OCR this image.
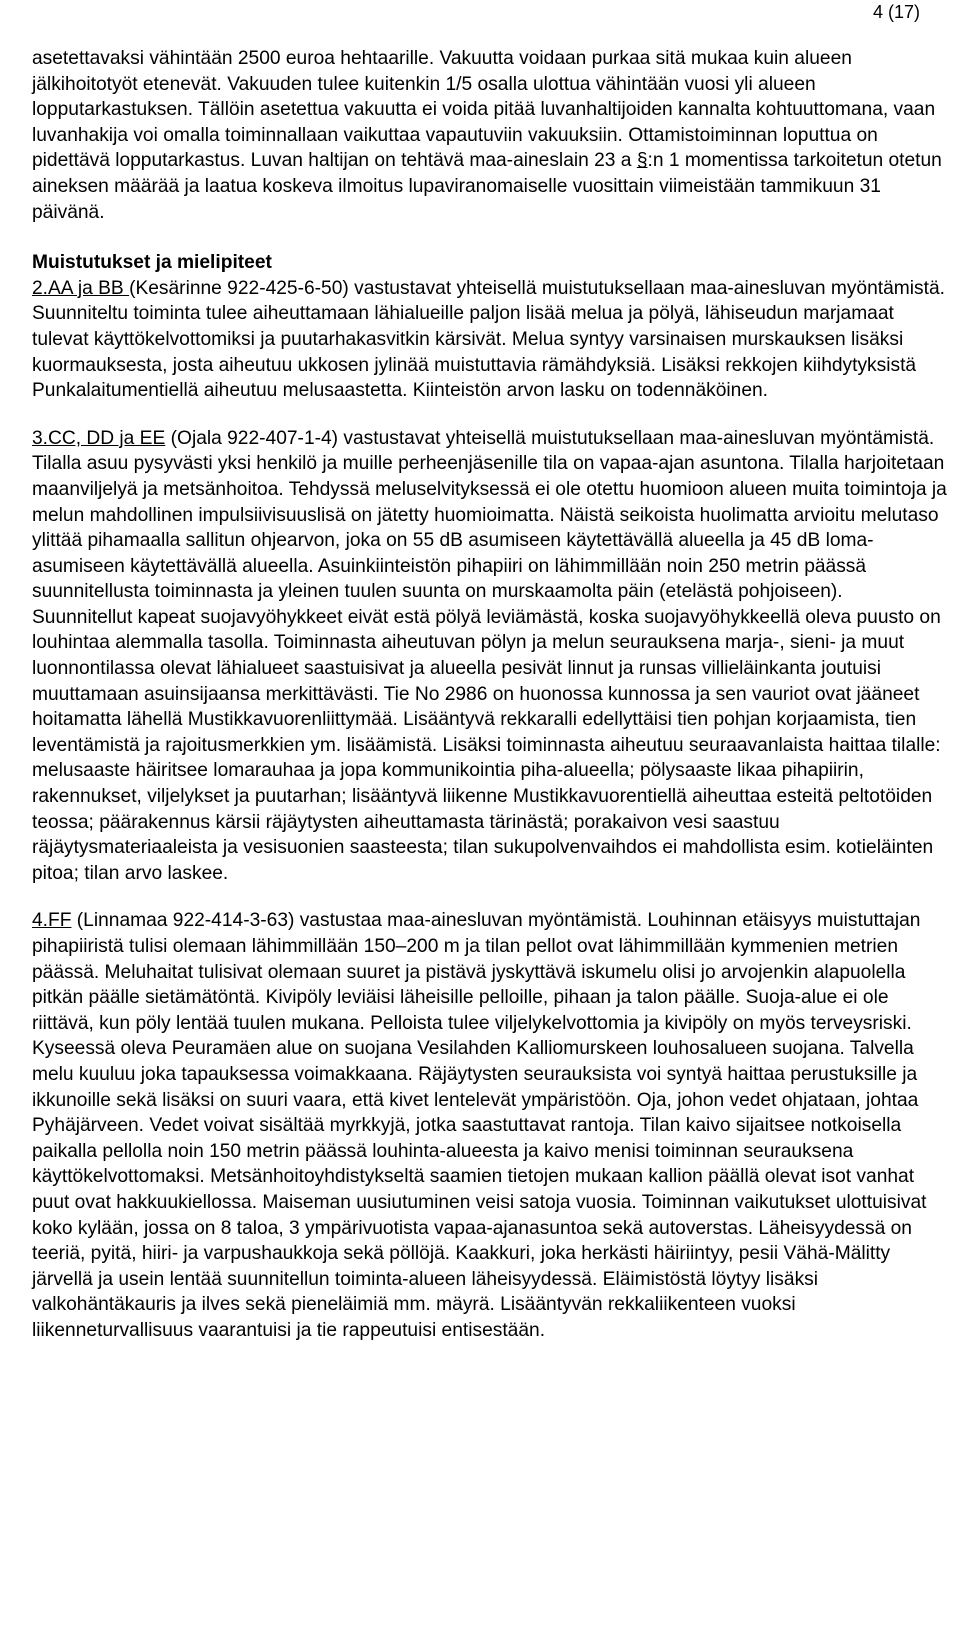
4 (17)

asetettavaksi vähintään 2500 euroa hehtaarille. Vakuutta voidaan purkaa sitä mukaa kuin alueen jälkihoitotyöt etenevät. Vakuuden tulee kuitenkin 1/5 osalla ulottua vähintään vuosi yli alueen lopputarkastuksen. Tällöin asetettua vakuutta ei voida pitää luvanhaltijoiden kannalta kohtuuttomana, vaan luvanhakija voi omalla toiminnallaan vaikuttaa vapautuviin vakuuksiin. Ottamistoiminnan loputtua on pidettävä lopputarkastus. Luvan haltijan on tehtävä maa-aineslain 23 a §:n 1 momentissa tarkoitetun otetun aineksen määrää ja laatua koskeva ilmoitus lupaviranomaiselle vuosittain viimeistään tammikuun 31 päivänä.

Muistutukset ja mielipiteet

2.AA ja BB (Kesärinne 922-425-6-50) vastustavat yhteisellä muistutuksellaan maa-ainesluvan myöntämistä. Suunniteltu toiminta tulee aiheuttamaan lähialueille paljon lisää melua ja pölyä, lähiseudun marjamaat tulevat käyttökelvottomiksi ja puutarhakasvitkin kärsivät. Melua syntyy varsinaisen murskauksen lisäksi kuormauksesta, josta aiheutuu ukkosen jylinää muistuttavia rämähdyksiä. Lisäksi rekkojen kiihdytyksistä Punkalaitumentiellä aiheutuu melusaastetta. Kiinteistön arvon lasku on todennäköinen.

3.CC, DD ja EE (Ojala 922-407-1-4) vastustavat yhteisellä muistutuksellaan maa-ainesluvan myöntämistä. Tilalla asuu pysyvästi yksi henkilö ja muille perheenjäsenille tila on vapaa-ajan asuntona. Tilalla harjoitetaan maanviljelyä ja metsänhoitoa. Tehdyssä meluselvityksessä ei ole otettu huomioon alueen muita toimintoja ja melun mahdollinen impulsiivisuuslisä on jätetty huomioimatta. Näistä seikoista huolimatta arvioitu melutaso ylittää pihamaalla sallitun ohjearvon, joka on 55 dB asumiseen käytettävällä alueella ja 45 dB loma-asumiseen käytettävällä alueella. Asuinkiinteistön pihapiiri on lähimmillään noin 250 metrin päässä suunnitellusta toiminnasta ja yleinen tuulen suunta on murskaamolta päin (etelästä pohjoiseen). Suunnitellut kapeat suojavyöhykkeet eivät estä pölyä leviämästä, koska suojavyöhykkeellä oleva puusto on louhintaa alemmalla tasolla. Toiminnasta aiheutuvan pölyn ja melun seurauksena marja-, sieni- ja muut luonnontilassa olevat lähialueet saastuisivat ja alueella pesivät linnut ja runsas villieläinkanta joutuisi muuttamaan asuinsijaansa merkittävästi. Tie No 2986 on huonossa kunnossa ja sen vauriot ovat jääneet hoitamatta lähellä Mustikkavuorenliittymää. Lisääntyvä rekkaralli edellyttäisi tien pohjan korjaamista, tien leventämistä ja rajoitusmerkkien ym. lisäämistä. Lisäksi toiminnasta aiheutuu seuraavanlaista haittaa tilalle: melusaaste häiritsee lomarauhaa ja jopa kommunikointia piha-alueella; pölysaaste likaa pihapiirin, rakennukset, viljelykset ja puutarhan; lisääntyvä liikenne Mustikkavuorentiellä aiheuttaa esteitä peltotöiden teossa; päärakennus kärsii räjäytysten aiheuttamasta tärinästä; porakaivon vesi saastuu räjäytysmateriaaleista ja vesisuonien saasteesta; tilan sukupolvenvaihdos ei mahdollista esim. kotieläinten pitoa; tilan arvo laskee.

4.FF (Linnamaa 922-414-3-63) vastustaa maa-ainesluvan myöntämistä. Louhinnan etäisyys muistuttajan pihapiiristä tulisi olemaan lähimmillään 150–200 m ja tilan pellot ovat lähimmillään kymmenien metrien päässä. Meluhaitat tulisivat olemaan suuret ja pistävä jyskyttävä iskumelu olisi jo arvojenkin alapuolella pitkän päälle sietämätöntä. Kivipöly leviäisi läheisille pelloille, pihaan ja talon päälle. Suoja-alue ei ole riittävä, kun pöly lentää tuulen mukana. Pelloista tulee viljelykelvottomia ja kivipöly on myös terveysriski. Kyseessä oleva Peuramäen alue on suojana Vesilahden Kalliomurskeen louhosalueen suojana. Talvella melu kuuluu joka tapauksessa voimakkaana. Räjäytysten seurauksista voi syntyä haittaa perustuksille ja ikkunoille sekä lisäksi on suuri vaara, että kivet lentelevät ympäristöön. Oja, johon vedet ohjataan, johtaa Pyhäjärveen. Vedet voivat sisältää myrkkyjä, jotka saastuttavat rantoja. Tilan kaivo sijaitsee notkoisella paikalla pellolla noin 150 metrin päässä louhinta-alueesta ja kaivo menisi toiminnan seurauksena käyttökelvottomaksi. Metsänhoitoyhdistykseltä saamien tietojen mukaan kallion päällä olevat isot vanhat puut ovat hakkuukiellossa. Maiseman uusiutuminen veisi satoja vuosia. Toiminnan vaikutukset ulottuisivat koko kylään, jossa on 8 taloa, 3 ympärivuotista vapaa-ajanasuntoa sekä autoverstas. Läheisyydessä on teeriä, pyitä, hiiri- ja varpushaukkoja sekä pöllöjä. Kaakkuri, joka herkästi häiriintyy, pesii Vähä-Mälitty järvellä ja usein lentää suunnitellun toiminta-alueen läheisyydessä. Eläimistöstä löytyy lisäksi valkohäntäkauris ja ilves sekä pieneläimiä mm. mäyrä. Lisääntyvän rekkaliikenteen vuoksi liikenneturvallisuus vaarantuisi ja tie rappeutuisi entisestään.
